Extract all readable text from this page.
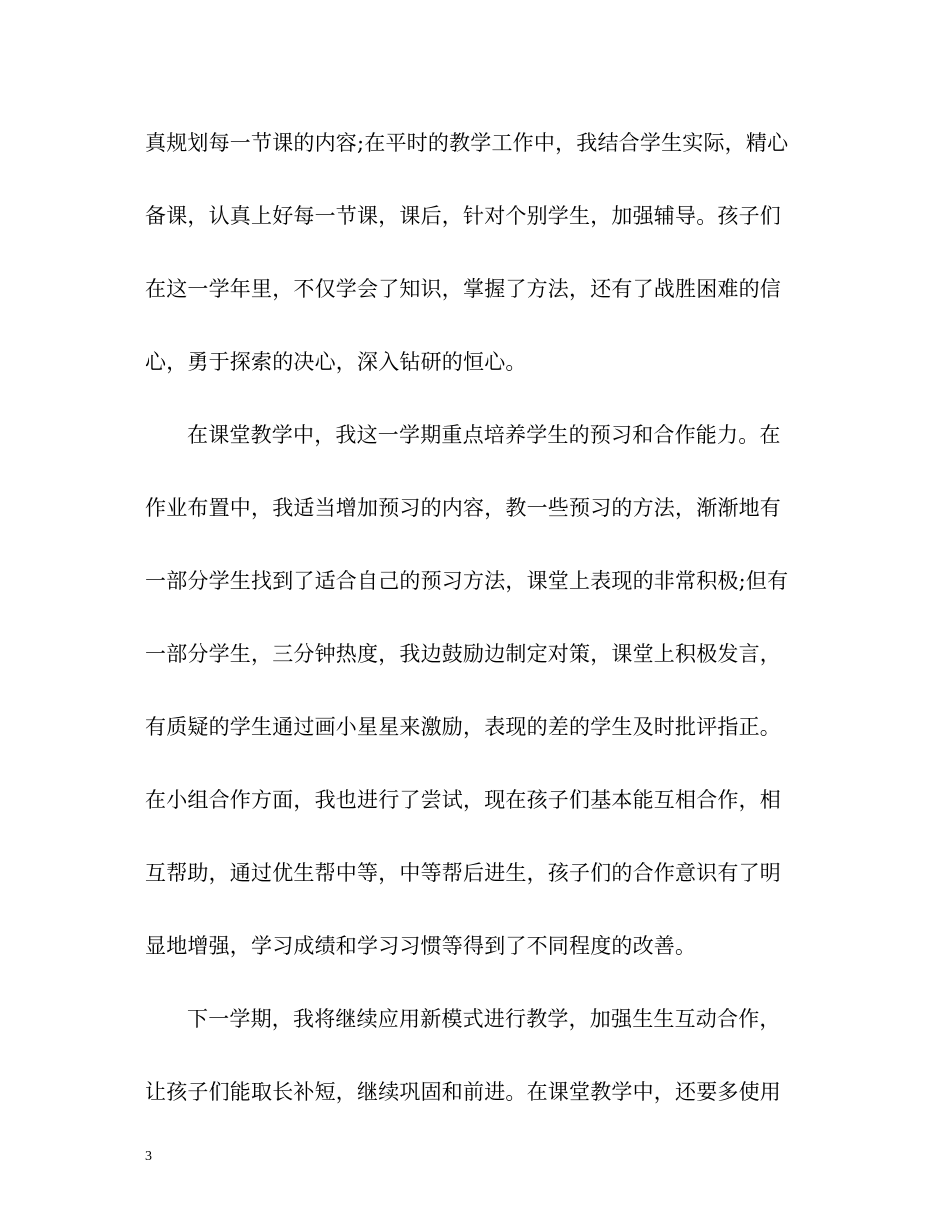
真规划每一节课的内容;在平时的教学工作中，我结合学生实际，精心
备课，认真上好每一节课，课后，针对个别学生，加强辅导。孩子们
在这一学年里，不仅学会了知识，掌握了方法，还有了战胜困难的信
心，勇于探索的决心，深入钻研的恒心。
在课堂教学中，我这一学期重点培养学生的预习和合作能力。在
作业布置中，我适当增加预习的内容，教一些预习的方法，渐渐地有
一部分学生找到了适合自己的预习方法，课堂上表现的非常积极;但有
一部分学生，三分钟热度，我边鼓励边制定对策，课堂上积极发言，
有质疑的学生通过画小星星来激励，表现的差的学生及时批评指正。
在小组合作方面，我也进行了尝试，现在孩子们基本能互相合作，相
互帮助，通过优生帮中等，中等帮后进生，孩子们的合作意识有了明
显地增强，学习成绩和学习习惯等得到了不同程度的改善。
下一学期，我将继续应用新模式进行教学，加强生生互动合作，
让孩子们能取长补短，继续巩固和前进。在课堂教学中，还要多使用
3
